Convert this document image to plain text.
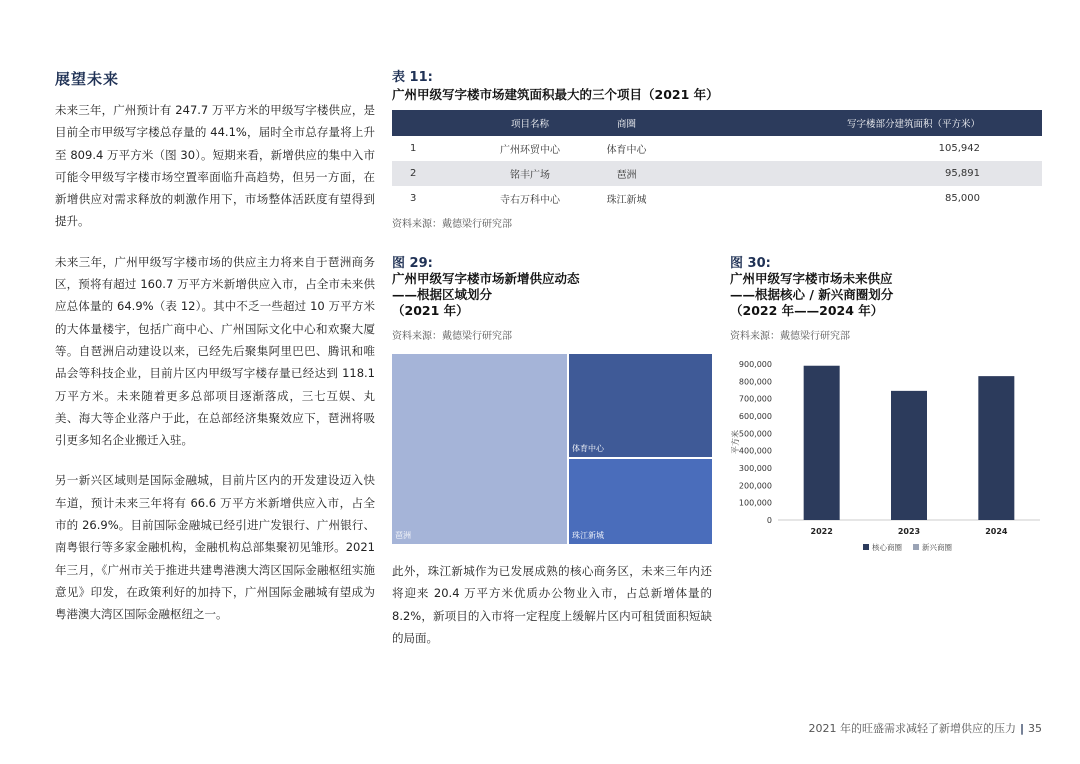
展望未来

未来三年，广州预计有 247.7 万平方米的甲级写字楼供应，是目前全市甲级写字楼总存量的 44.1%，届时全市总存量将上升至 809.4 万平方米（图 30）。短期来看，新增供应的集中入市可能令甲级写字楼市场空置率面临升高趋势，但另一方面，在新增供应对需求释放的刺激作用下，市场整体活跃度有望得到提升。

未来三年，广州甲级写字楼市场的供应主力将来自于琶洲商务区，预将有超过 160.7 万平方米新增供应入市，占全市未来供应总体量的 64.9%（表 12）。其中不乏一些超过 10 万平方米的大体量楼宇，包括广商中心、广州国际文化中心和欢聚大厦等。自琶洲启动建设以来，已经先后聚集阿里巴巴、腾讯和唯品会等科技企业，目前片区内甲级写字楼存量已经达到 118.1 万平方米。未来随着更多总部项目逐渐落成，三七互娱、丸美、海大等企业落户于此，在总部经济集聚效应下，琶洲将吸引更多知名企业搬迁入驻。

另一新兴区域则是国际金融城，目前片区内的开发建设迈入快车道，预计未来三年将有 66.6 万平方米新增供应入市，占全市的 26.9%。目前国际金融城已经引进广发银行、广州银行、南粤银行等多家金融机构，金融机构总部集聚初见雏形。2021 年三月，《广州市关于推进共建粤港澳大湾区国际金融枢纽实施意见》印发，在政策利好的加持下，广州国际金融城有望成为粤港澳大湾区国际金融枢纽之一。

表 11:
广州甲级写字楼市场建筑面积最大的三个项目（2021 年）
	项目名称	商圈	写字楼部分建筑面积（平方米）
1	广州环贸中心	体育中心	105,942
2	铭丰广场	琶洲	95,891
3	寺右万科中心	珠江新城	85,000
资料来源：戴德梁行研究部
图 29:
广州甲级写字楼市场新增供应动态
——根据区域划分
（2021 年）
资料来源：戴德梁行研究部
琶洲
体育中心
珠江新城

此外，珠江新城作为已发展成熟的核心商务区，未来三年内还将迎来 20.4 万平方米优质办公物业入市，占总新增体量的 8.2%，新项目的入市将一定程度上缓解片区内可租赁面积短缺的局面。

图 30:
广州甲级写字楼市场未来供应
——根据核心 / 新兴商圈划分
（2022 年——2024 年）
资料来源：戴德梁行研究部
0
100,000
200,000
300,000
400,000
500,000
600,000
700,000
800,000
900,000
平方米
2022	2023	2024
核心商圈	新兴商圈
2021 年的旺盛需求减轻了新增供应的压力 | 35
